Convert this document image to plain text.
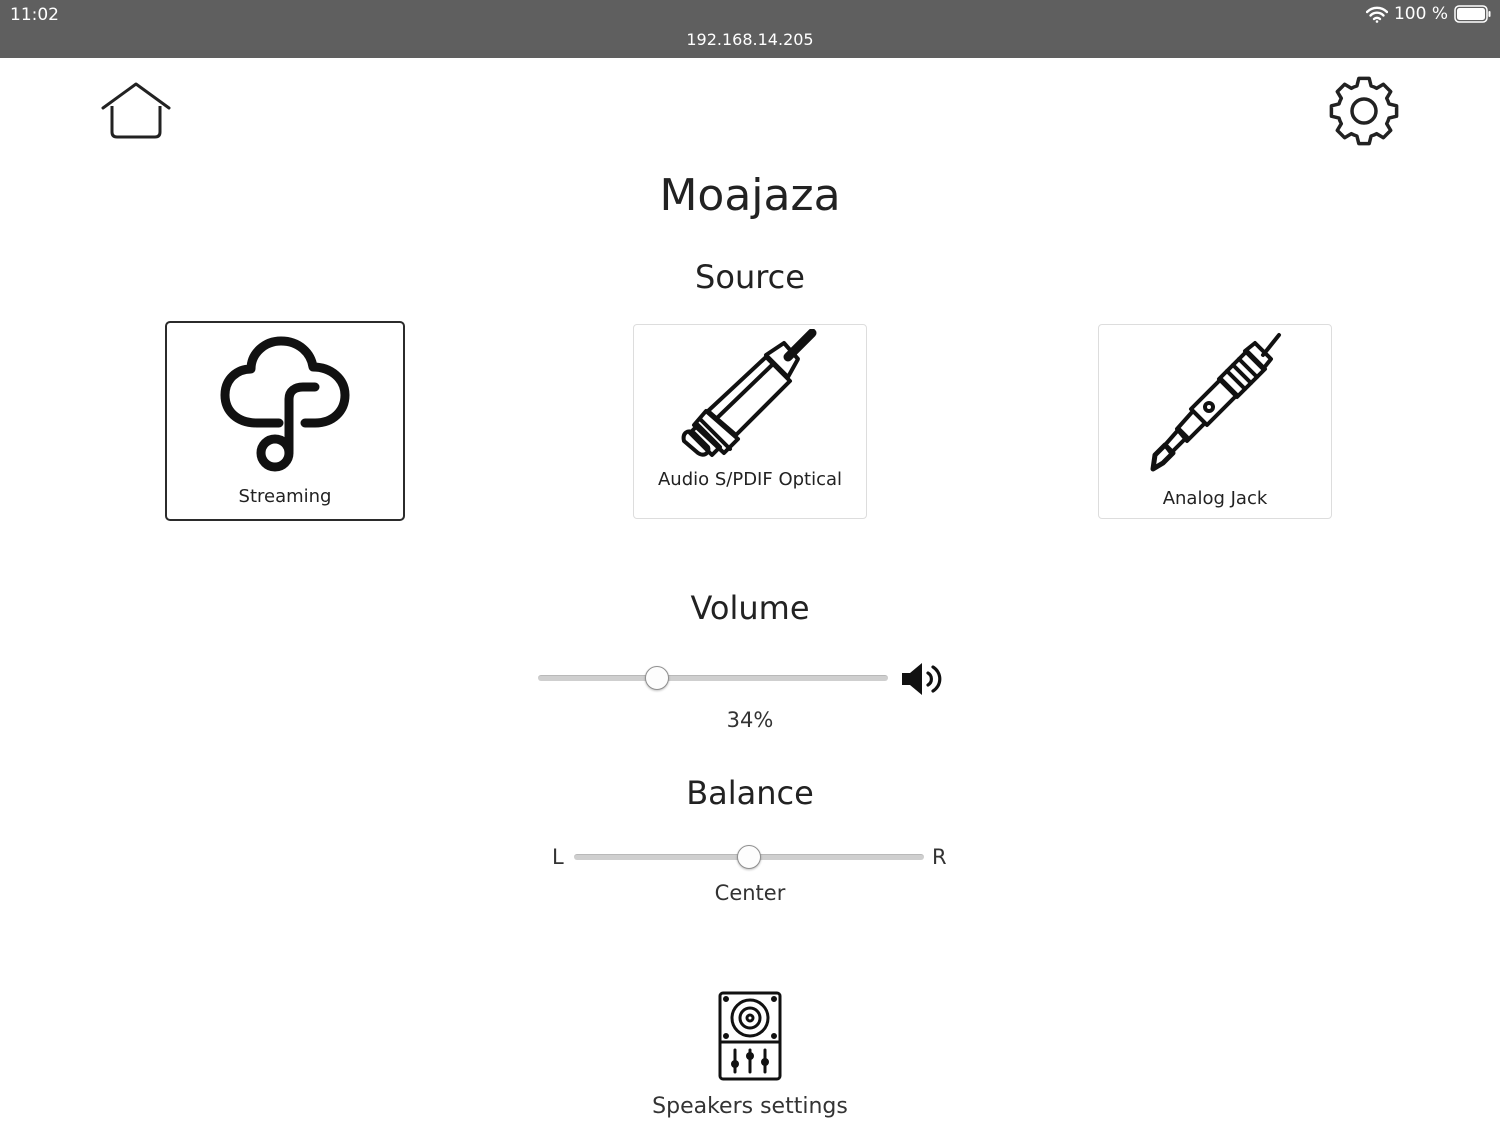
11:02
192.168.14.205
100 %
Moajaza
Source
Streaming
Audio S/PDIF Optical
Analog Jack
Volume
34%
Balance
L	R
Center
Speakers settings
